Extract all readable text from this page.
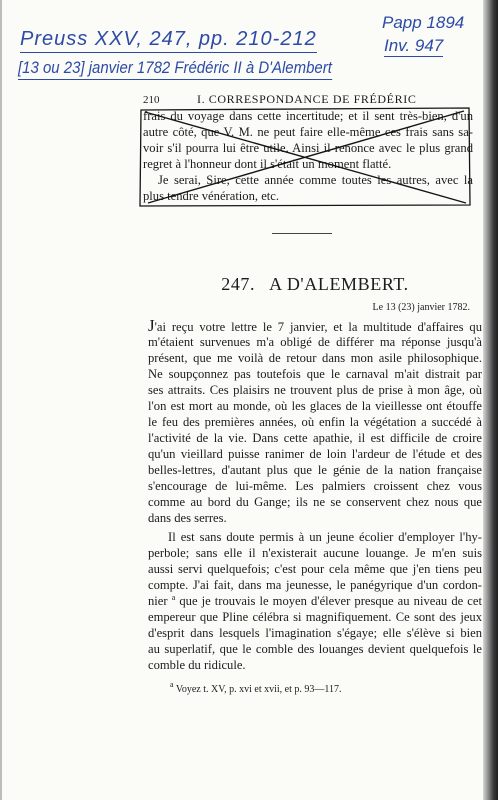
Preuss XXV, 247, pp. 210-212
[13 ou 23] janvier 1782 Frédéric II à D'Alembert
Papp 1894
Inv. 947
210	I. CORRESPONDANCE DE FRÉDÉRIC
frais du voyage dans cette incertitude; et il sent très-bien, d'un
autre côté, que V. M. ne peut faire elle-même ces frais sans sa-
voir s'il pourra lui être utile. Ainsi il renonce avec le plus grand
regret à l'honneur dont il s'était un moment flatté.
Je serai, Sire, cette année comme toutes les autres, avec la
plus tendre vénération, etc.
247. A D'ALEMBERT.
Le 13 (23) janvier 1782.
J'ai reçu votre lettre le 7 janvier, et la multitude d'affaires qu
m'étaient survenues m'a obligé de différer ma réponse jusqu'à
présent, que me voilà de retour dans mon asile philosophique.
Ne soupçonnez pas toutefois que le carnaval m'ait distrait par
ses attraits. Ces plaisirs ne trouvent plus de prise à mon âge, où
l'on est mort au monde, où les glaces de la vieillesse ont étouffe
le feu des premières années, où enfin la végétation a succédé à
l'activité de la vie. Dans cette apathie, il est difficile de croire
qu'un vieillard puisse ranimer de loin l'ardeur de l'étude et des
belles-lettres, d'autant plus que le génie de la nation française
s'encourage de lui-même. Les palmiers croissent chez vous
comme au bord du Gange; ils ne se conservent chez nous que
dans des serres.
Il est sans doute permis à un jeune écolier d'employer l'hy-
perbole; sans elle il n'existerait aucune louange. Je m'en suis
aussi servi quelquefois; c'est pour cela même que j'en tiens peu
compte. J'ai fait, dans ma jeunesse, le panégyrique d'un cordon-
nier $^a$ que je trouvais le moyen d'élever presque au niveau de cet
empereur que Pline célébra si magnifiquement. Ce sont des jeux
d'esprit dans lesquels l'imagination s'égaye; elle s'élève si bien
au superlatif, que le comble des louanges devient quelquefois le
comble du ridicule.
$^a$ Voyez t. XV, p. xvi et xvii, et p. 93—117.
